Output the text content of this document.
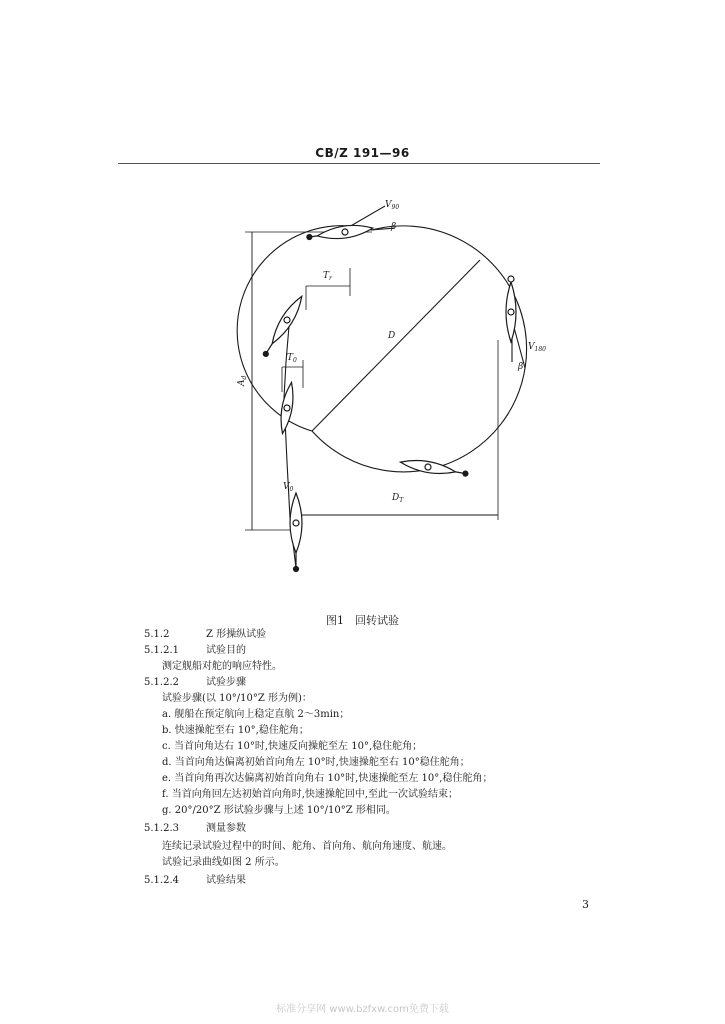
CB/Z 191—96
$V_{90}$
β
D
$T_r$
$T_0$
$A_d$
$V_0$
$D_T$
$V_{180}$
β
图1　回转试验
5.1.2	Z 形操纵试验
5.1.2.1	试验目的
测定舰船对舵的响应特性。
5.1.2.2	试验步骤
试验步骤(以 10°/10°Z 形为例)：
a. 舰船在预定航向上稳定直航 2～3min；
b. 快速操舵至右 10°,稳住舵角；
c. 当首向角达右 10°时,快速反向操舵至左 10°,稳住舵角；
d. 当首向角达偏离初始首向角左 10°时,快速操舵至右 10°稳住舵角；
e. 当首向角再次达偏离初始首向角右 10°时,快速操舵至左 10°,稳住舵角；
f. 当首向角回左达初始首向角时,快速操舵回中,至此一次试验结束；
g. 20°/20°Z 形试验步骤与上述 10°/10°Z 形相同。
5.1.2.3	测量参数
连续记录试验过程中的时间、舵角、首向角、航向角速度、航速。
试验记录曲线如图 2 所示。
5.1.2.4	试验结果
3
标准分享网 www.bzfxw.com免费下载
